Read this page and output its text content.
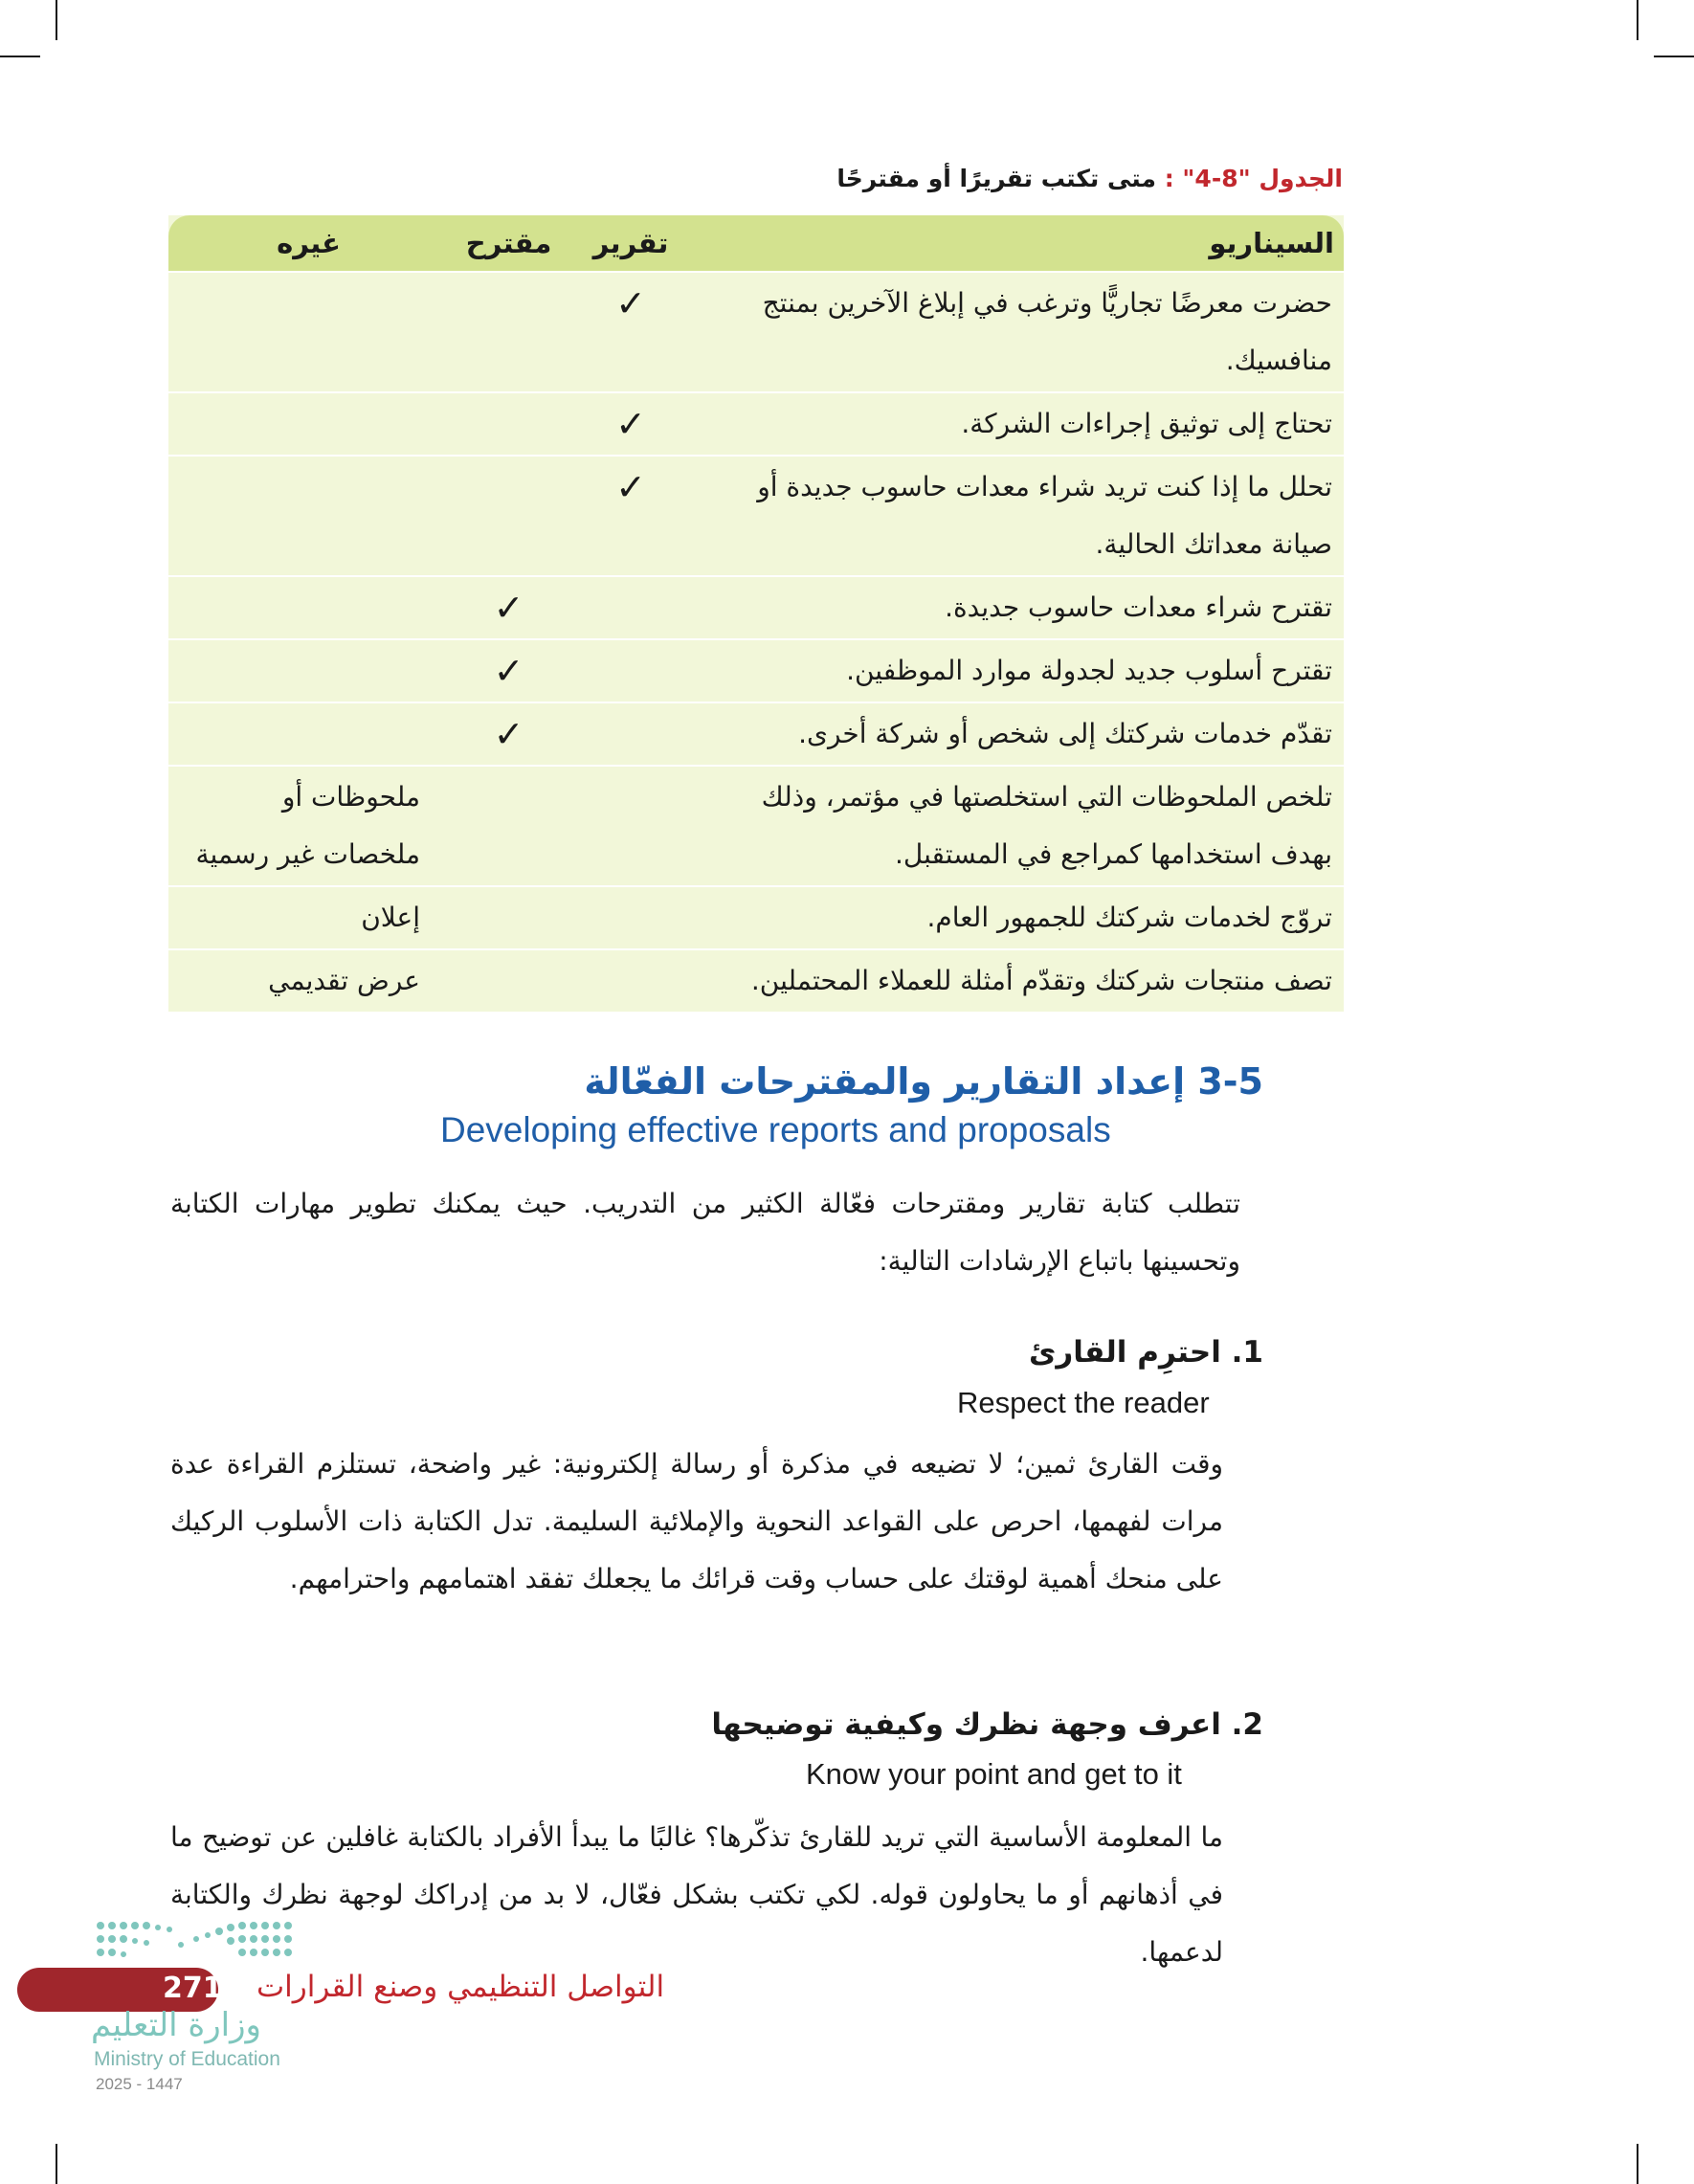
الجدول "8-4" : متى تكتب تقريرًا أو مقترحًا
السيناريو	تقرير	مقترح	غيره
حضرت معرضًا تجاريًّا وترغب في إبلاغ الآخرين بمنتج منافسيك.	✓		
تحتاج إلى توثيق إجراءات الشركة.	✓		
تحلل ما إذا كنت تريد شراء معدات حاسوب جديدة أو صيانة معداتك الحالية.	✓		
تقترح شراء معدات حاسوب جديدة.		✓	
تقترح أسلوب جديد لجدولة موارد الموظفين.		✓	
تقدّم خدمات شركتك إلى شخص أو شركة أخرى.		✓	
تلخص الملحوظات التي استخلصتها في مؤتمر، وذلك بهدف استخدامها كمراجع في المستقبل.			ملحوظات أو ملخصات غير رسمية
تروّج لخدمات شركتك للجمهور العام.			إعلان
تصف منتجات شركتك وتقدّم أمثلة للعملاء المحتملين.			عرض تقديمي
3-5 إعداد التقارير والمقترحات الفعّالة
Developing effective reports and proposals
تتطلب كتابة تقارير ومقترحات فعّالة الكثير من التدريب. حيث يمكنك تطوير مهارات الكتابة وتحسينها باتباع الإرشادات التالية:
1. احترِم القارئ
Respect the reader
وقت القارئ ثمين؛ لا تضيعه في مذكرة أو رسالة إلكترونية: غير واضحة، تستلزم القراءة عدة مرات لفهمها، احرص على القواعد النحوية والإملائية السليمة. تدل الكتابة ذات الأسلوب الركيك على منحك أهمية لوقتك على حساب وقت قرائك ما يجعلك تفقد اهتمامهم واحترامهم.
2. اعرف وجهة نظرك وكيفية توضيحها
Know your point and get to it
ما المعلومة الأساسية التي تريد للقارئ تذكّرها؟ غالبًا ما يبدأ الأفراد بالكتابة غافلين عن توضيح ما في أذهانهم أو ما يحاولون قوله. لكي تكتب بشكل فعّال، لا بد من إدراكك لوجهة نظرك والكتابة لدعمها.
271 التواصل التنظيمي وصنع القرارات
وزارة التعليم
Ministry of Education
2025 - 1447
